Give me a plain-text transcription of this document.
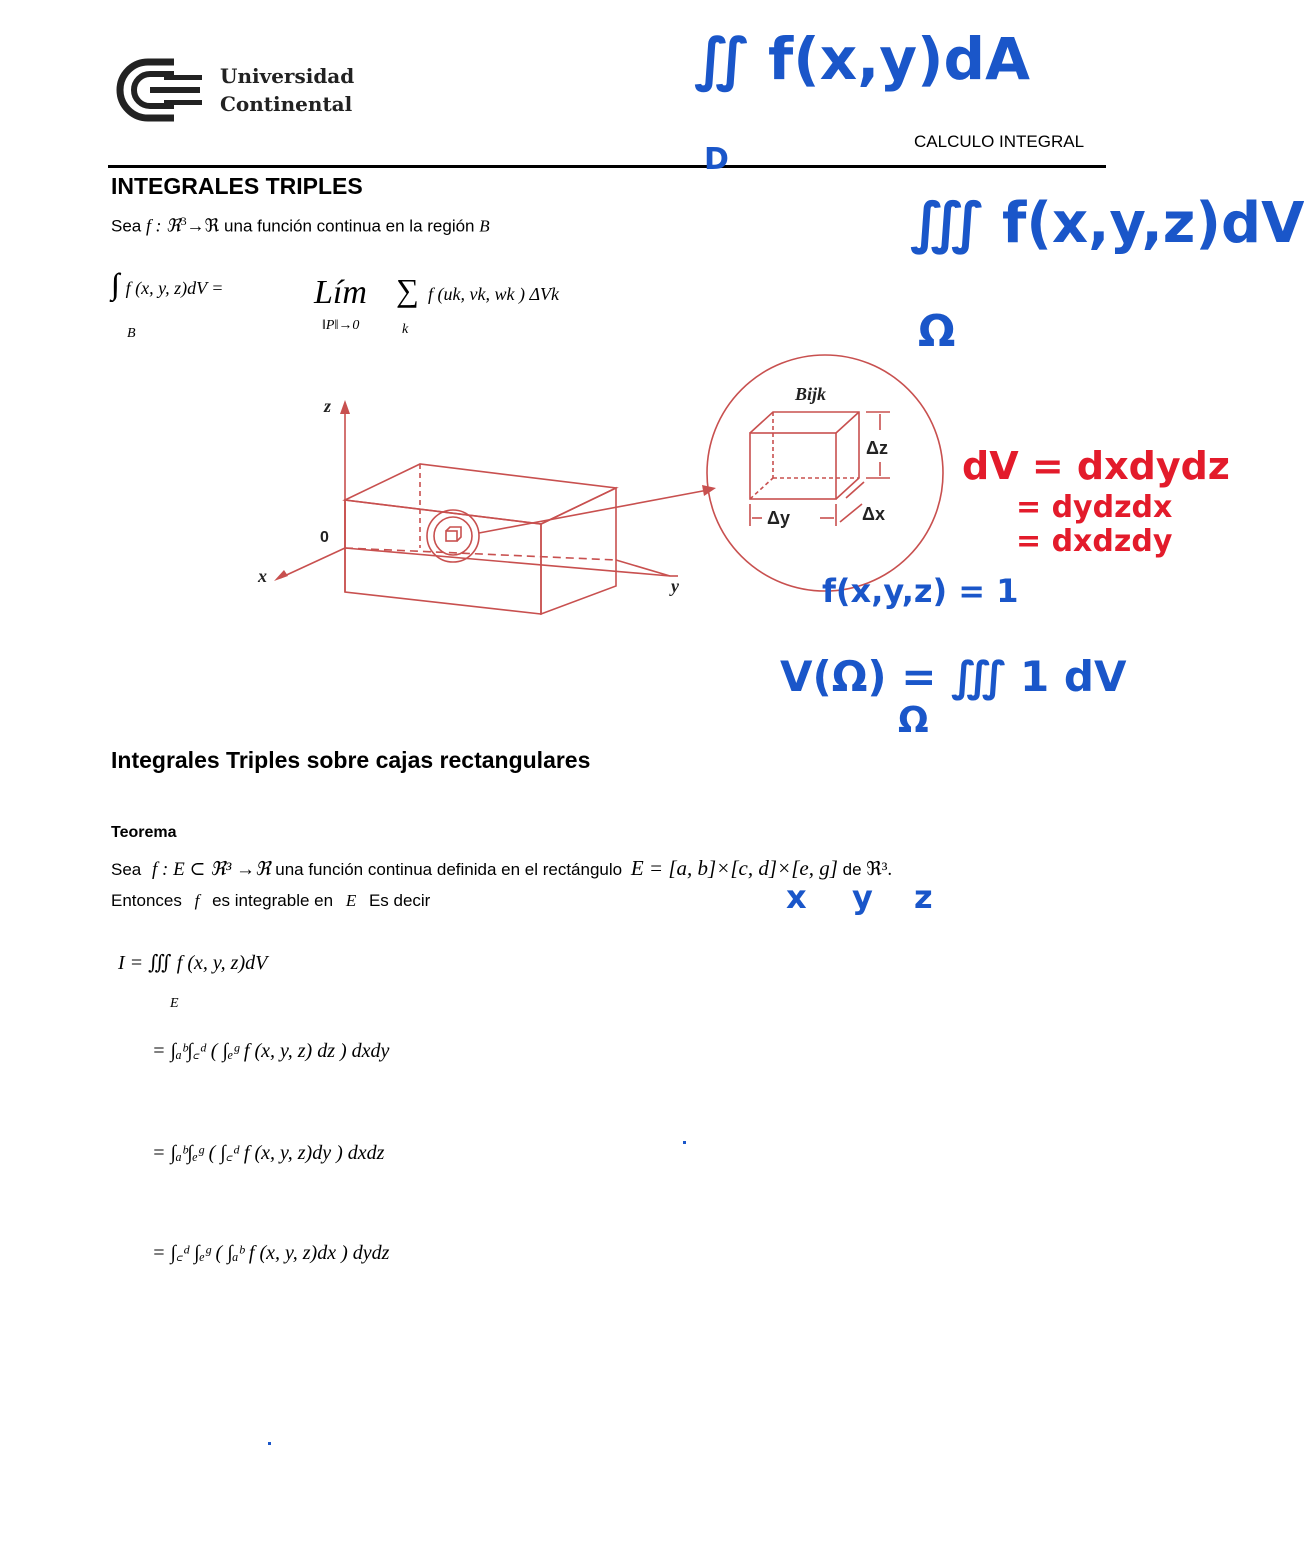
Universidad
Continental
CALCULO INTEGRAL
∬ f(x,y)dA
D
INTEGRALES TRIPLES
Sea f : ℜ$^3$→ℜ una función continua en la región B
∫∫∫ f (x, y, z)dV =
B
Lím
‖P‖→0
∑
k
f (uk, vk, wk ) ΔVk
∭ f(x,y,z)dV
Ω
z
x	y
0
Bijk
Δz
Δy	Δx
dV = dxdydz
= dydzdx
= dxdzdy
f(x,y,z) = 1
V(Ω) = ∭ 1 dV
Ω
Integrales Triples sobre cajas rectangulares
Teorema
Sea f : E ⊂ ℜ³ →ℜ una función continua definida en el rectángulo E = [a, b]×[c, d]×[e, g] de ℜ³.
x y z
Entonces f es integrable en E Es decir
I = ∭ f (x, y, z)dV
E
= ∫ₐᵇ∫꜀ᵈ ( ∫ₑᵍ f (x, y, z) dz ) dxdy
= ∫ₐᵇ∫ₑᵍ ( ∫꜀ᵈ f (x, y, z)dy ) dxdz
= ∫꜀ᵈ ∫ₑᵍ ( ∫ₐᵇ f (x, y, z)dx ) dydz
